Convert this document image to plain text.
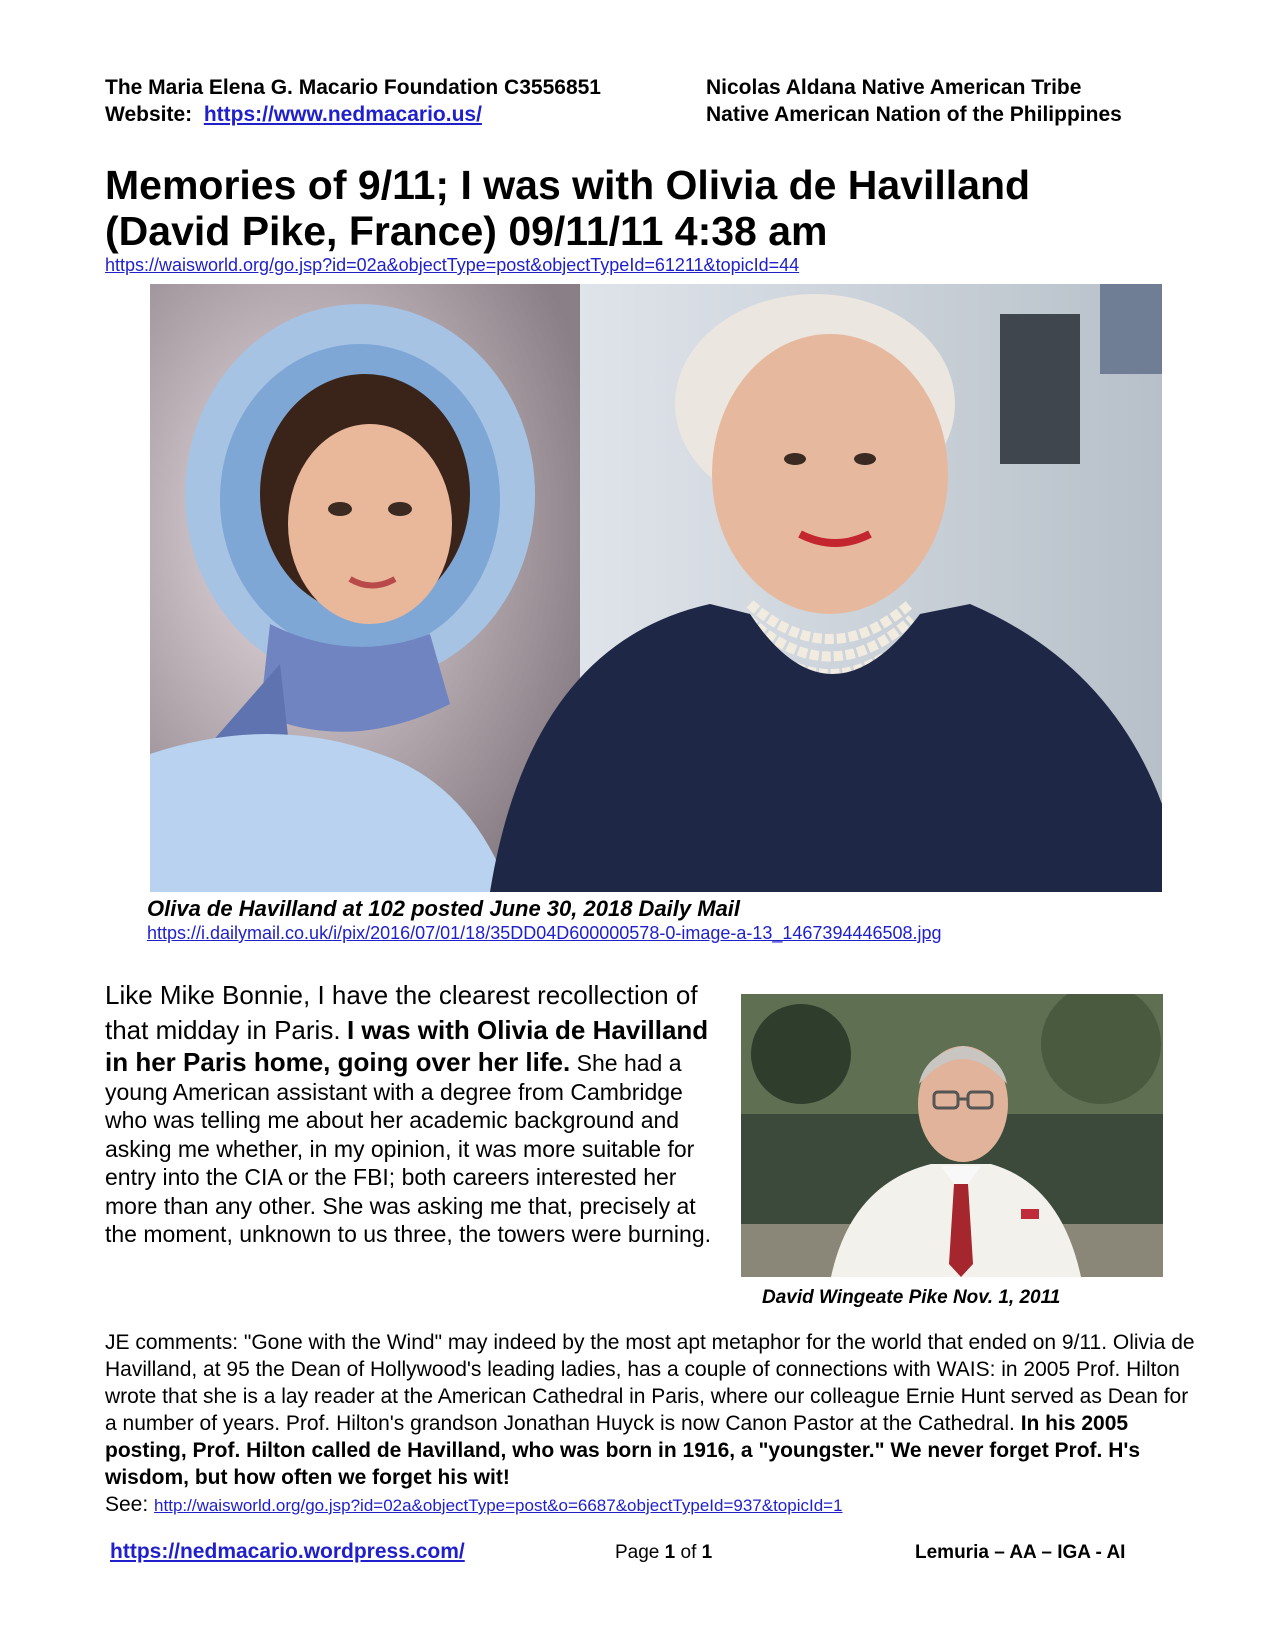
The Maria Elena G. Macario Foundation C3556851
Website: https://www.nedmacario.us/
Nicolas Aldana Native American Tribe
Native American Nation of the Philippines
Memories of 9/11; I was with Olivia de Havilland
(David Pike, France) 09/11/11 4:38 am
https://waisworld.org/go.jsp?id=02a&objectType=post&objectTypeId=61211&topicId=44
Oliva de Havilland at 102 posted June 30, 2018 Daily Mail
https://i.dailymail.co.uk/i/pix/2016/07/01/18/35DD04D600000578-0-image-a-13_1467394446508.jpg
Like Mike Bonnie, I have the clearest recollection of that midday in Paris. I was with Olivia de Havilland in her Paris home, going over her life. She had a young American assistant with a degree from Cambridge who was telling me about her academic background and asking me whether, in my opinion, it was more suitable for entry into the CIA or the FBI; both careers interested her more than any other. She was asking me that, precisely at the moment, unknown to us three, the towers were burning.
David Wingeate Pike Nov. 1, 2011
JE comments: "Gone with the Wind" may indeed by the most apt metaphor for the world that ended on 9/11. Olivia de Havilland, at 95 the Dean of Hollywood's leading ladies, has a couple of connections with WAIS: in 2005 Prof. Hilton wrote that she is a lay reader at the American Cathedral in Paris, where our colleague Ernie Hunt served as Dean for a number of years. Prof. Hilton's grandson Jonathan Huyck is now Canon Pastor at the Cathedral. In his 2005 posting, Prof. Hilton called de Havilland, who was born in 1916, a "youngster." We never forget Prof. H's wisdom, but how often we forget his wit!
See: http://waisworld.org/go.jsp?id=02a&objectType=post&o=6687&objectTypeId=937&topicId=1
https://nedmacario.wordpress.com/	Page 1 of 1	Lemuria – AA – IGA - AI
